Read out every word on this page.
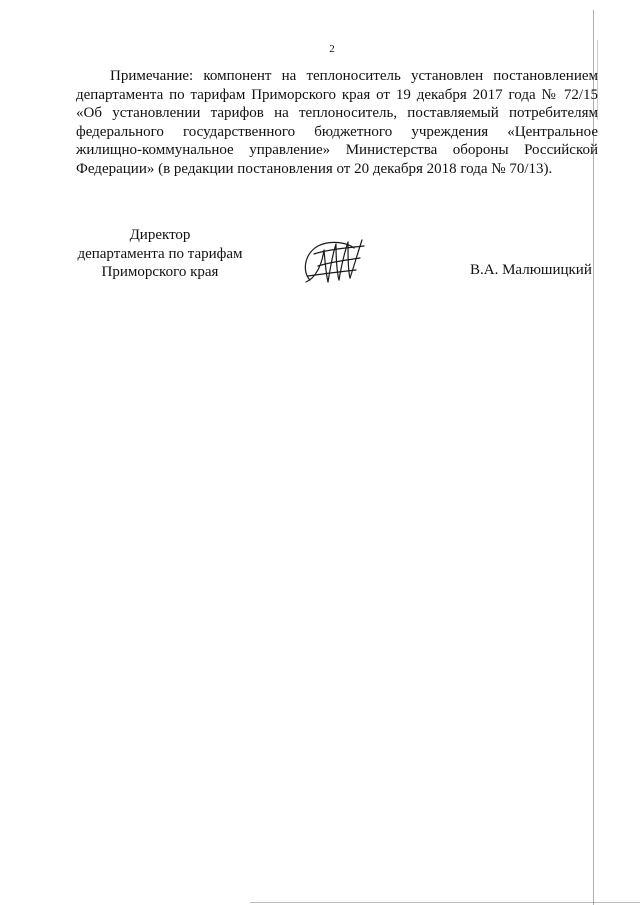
2

Примечание: компонент на теплоноситель установлен постановлением департамента по тарифам Приморского края от 19 декабря 2017 года № 72/15 «Об установлении тарифов на теплоноситель, поставляемый потребителям федерального государственного бюджетного учреждения «Центральное жилищно-коммунальное управление» Министерства обороны Российской Федерации» (в редакции постановления от 20 декабря 2018 года № 70/13).

Директор
департамента по тарифам
Приморского края	В.А. Малюшицкий
